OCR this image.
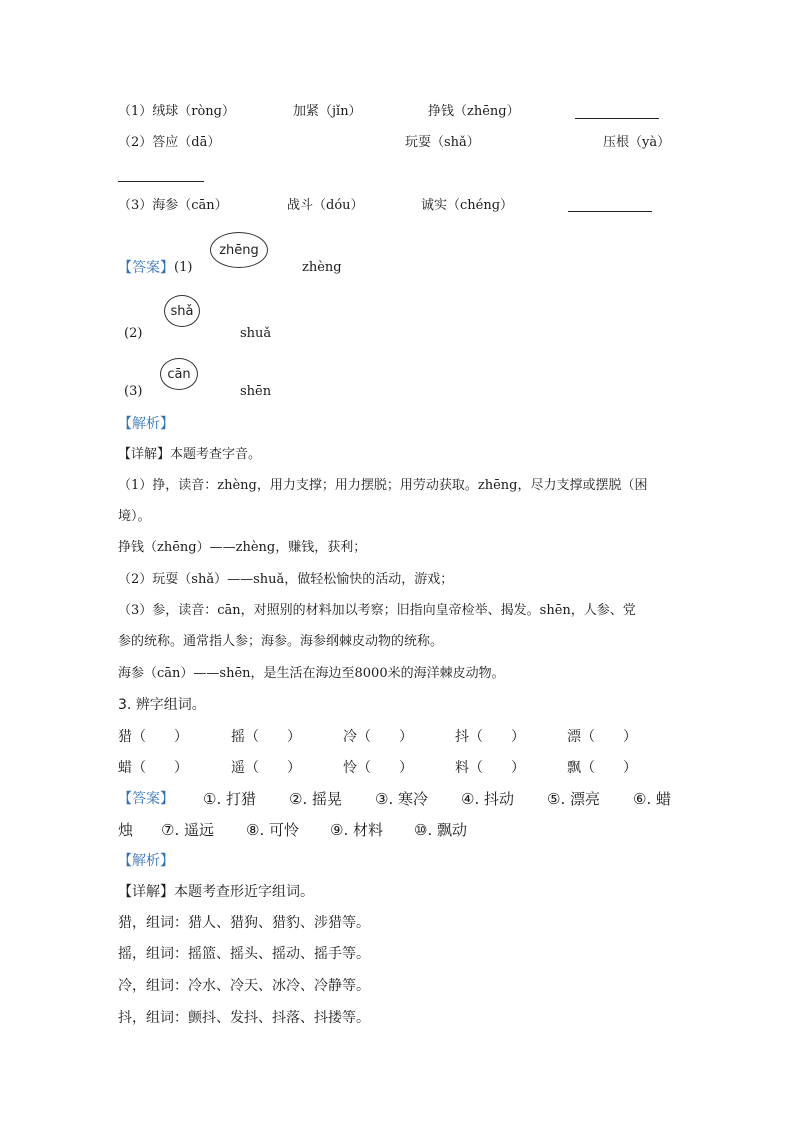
（1）绒球（rònɡ）	加紧（jǐn）	挣钱（zhēnɡ）
（2）答应（dā）	玩耍（shǎ）	压根（yà）
（3）海参（cān）	战斗（dóu）	诚实（chénɡ）
【答案】 (1)
zhēng
zhèng
(2)
shǎ
shuǎ
(3)
cān
shēn
【解析】
【详解】本题考查字音。
（1）挣，读音：zhèng，用力支撑；用力摆脱；用劳动获取。zhēng，尽力支撑或摆脱（困
境）。
挣钱（zhēng）——zhèng，赚钱，获利；
（2）玩耍（shǎ）——shuǎ，做轻松愉快的活动，游戏；
（3）参，读音：cān，对照别的材料加以考察；旧指向皇帝检举、揭发。shēn，人参、党
参的统称。通常指人参；海参。海参纲棘皮动物的统称。
海参（cān）——shēn，是生活在海边至8000米的海洋棘皮动物。
3. 辨字组词。
猎（　　）	摇（　　）	冷（　　）	抖（　　）	漂（　　）
蜡（　　）	遥（　　）	怜（　　）	料（　　）	飘（　　）
【答案】 ①. 打猎 ②. 摇晃 ③. 寒冷 ④. 抖动 ⑤. 漂亮 ⑥. 蜡
烛 ⑦. 遥远 ⑧. 可怜 ⑨. 材料 ⑩. 飘动
【解析】
【详解】本题考查形近字组词。
猎，组词：猎人、猎狗、猎豹、涉猎等。
摇，组词：摇篮、摇头、摇动、摇手等。
冷，组词：冷水、冷天、冰冷、冷静等。
抖，组词：颤抖、发抖、抖落、抖搂等。
